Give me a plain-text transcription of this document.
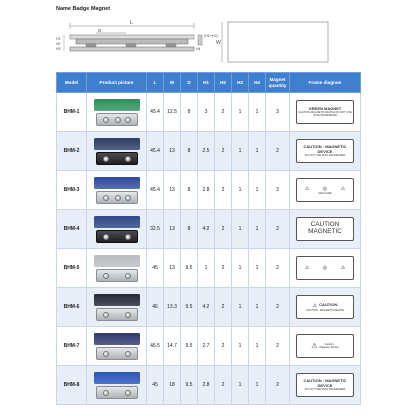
Name Badge Magnet
L
D
H1
H2
H3	H4
(H1+H2)
W
Model	Product picture	L	W	D	H1	H2	H3	H4	Magnet quantity	Frame diagram
BHM-1		45.4	12.5	8	3	2	1	1	3	GREEN MAGNET
CAUTION-MAGNETIC DEVICE DO NOT USE WITH PACEMAKER

BHM-2		45.4	13	8	2.5	2	1	1	2	CAUTION : MAGNETIC DEVICE
DO NOT USE WITH PACEMAKER

BHM-3		45.4	13	8	2.8	2	1	1	3	⚠ ◎ ⚠
MAGCARE

BHM-4		32.5	13	8	4.2	2	1	1	2	CAUTION
MAGNETIC

BHM-5		45	13	9.5	1	2	1	1	2	⚠ ◎ ⚠

BHM-6		46	13.3	9.5	4.2	2	1	1	2	⚠ CAUTION
CAUTION : MAGNETIC DEVICE

BHM-7		46.5	14.7	9.5	2.7	2	1	1	2	⚠ Caution
Magnetic Device

BHM-8		45	18	9.5	2.8	2	1	1	2	CAUTION : MAGNETIC DEVICE
DO NOT USE WITH PACEMAKER
